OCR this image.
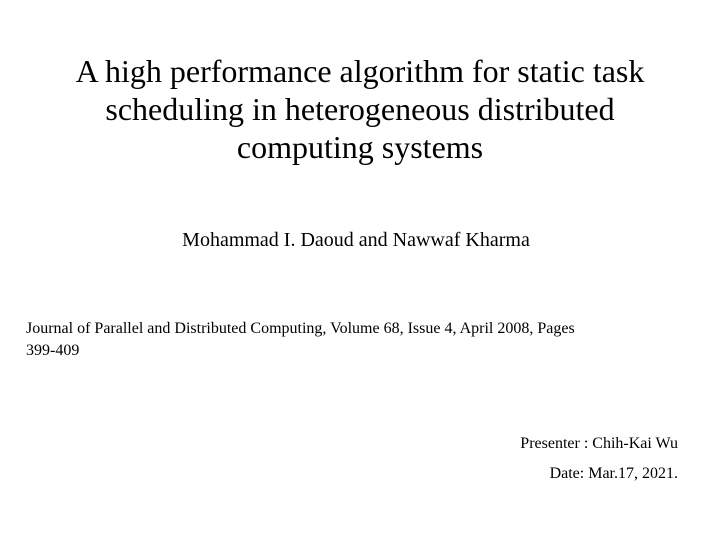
A high performance algorithm for static task
scheduling in heterogeneous distributed
computing systems
Mohammad I. Daoud and Nawwaf Kharma
Journal of Parallel and Distributed Computing, Volume 68, Issue 4, April 2008, Pages
399-409
Presenter : Chih-Kai Wu
Date: Mar.17, 2021.
